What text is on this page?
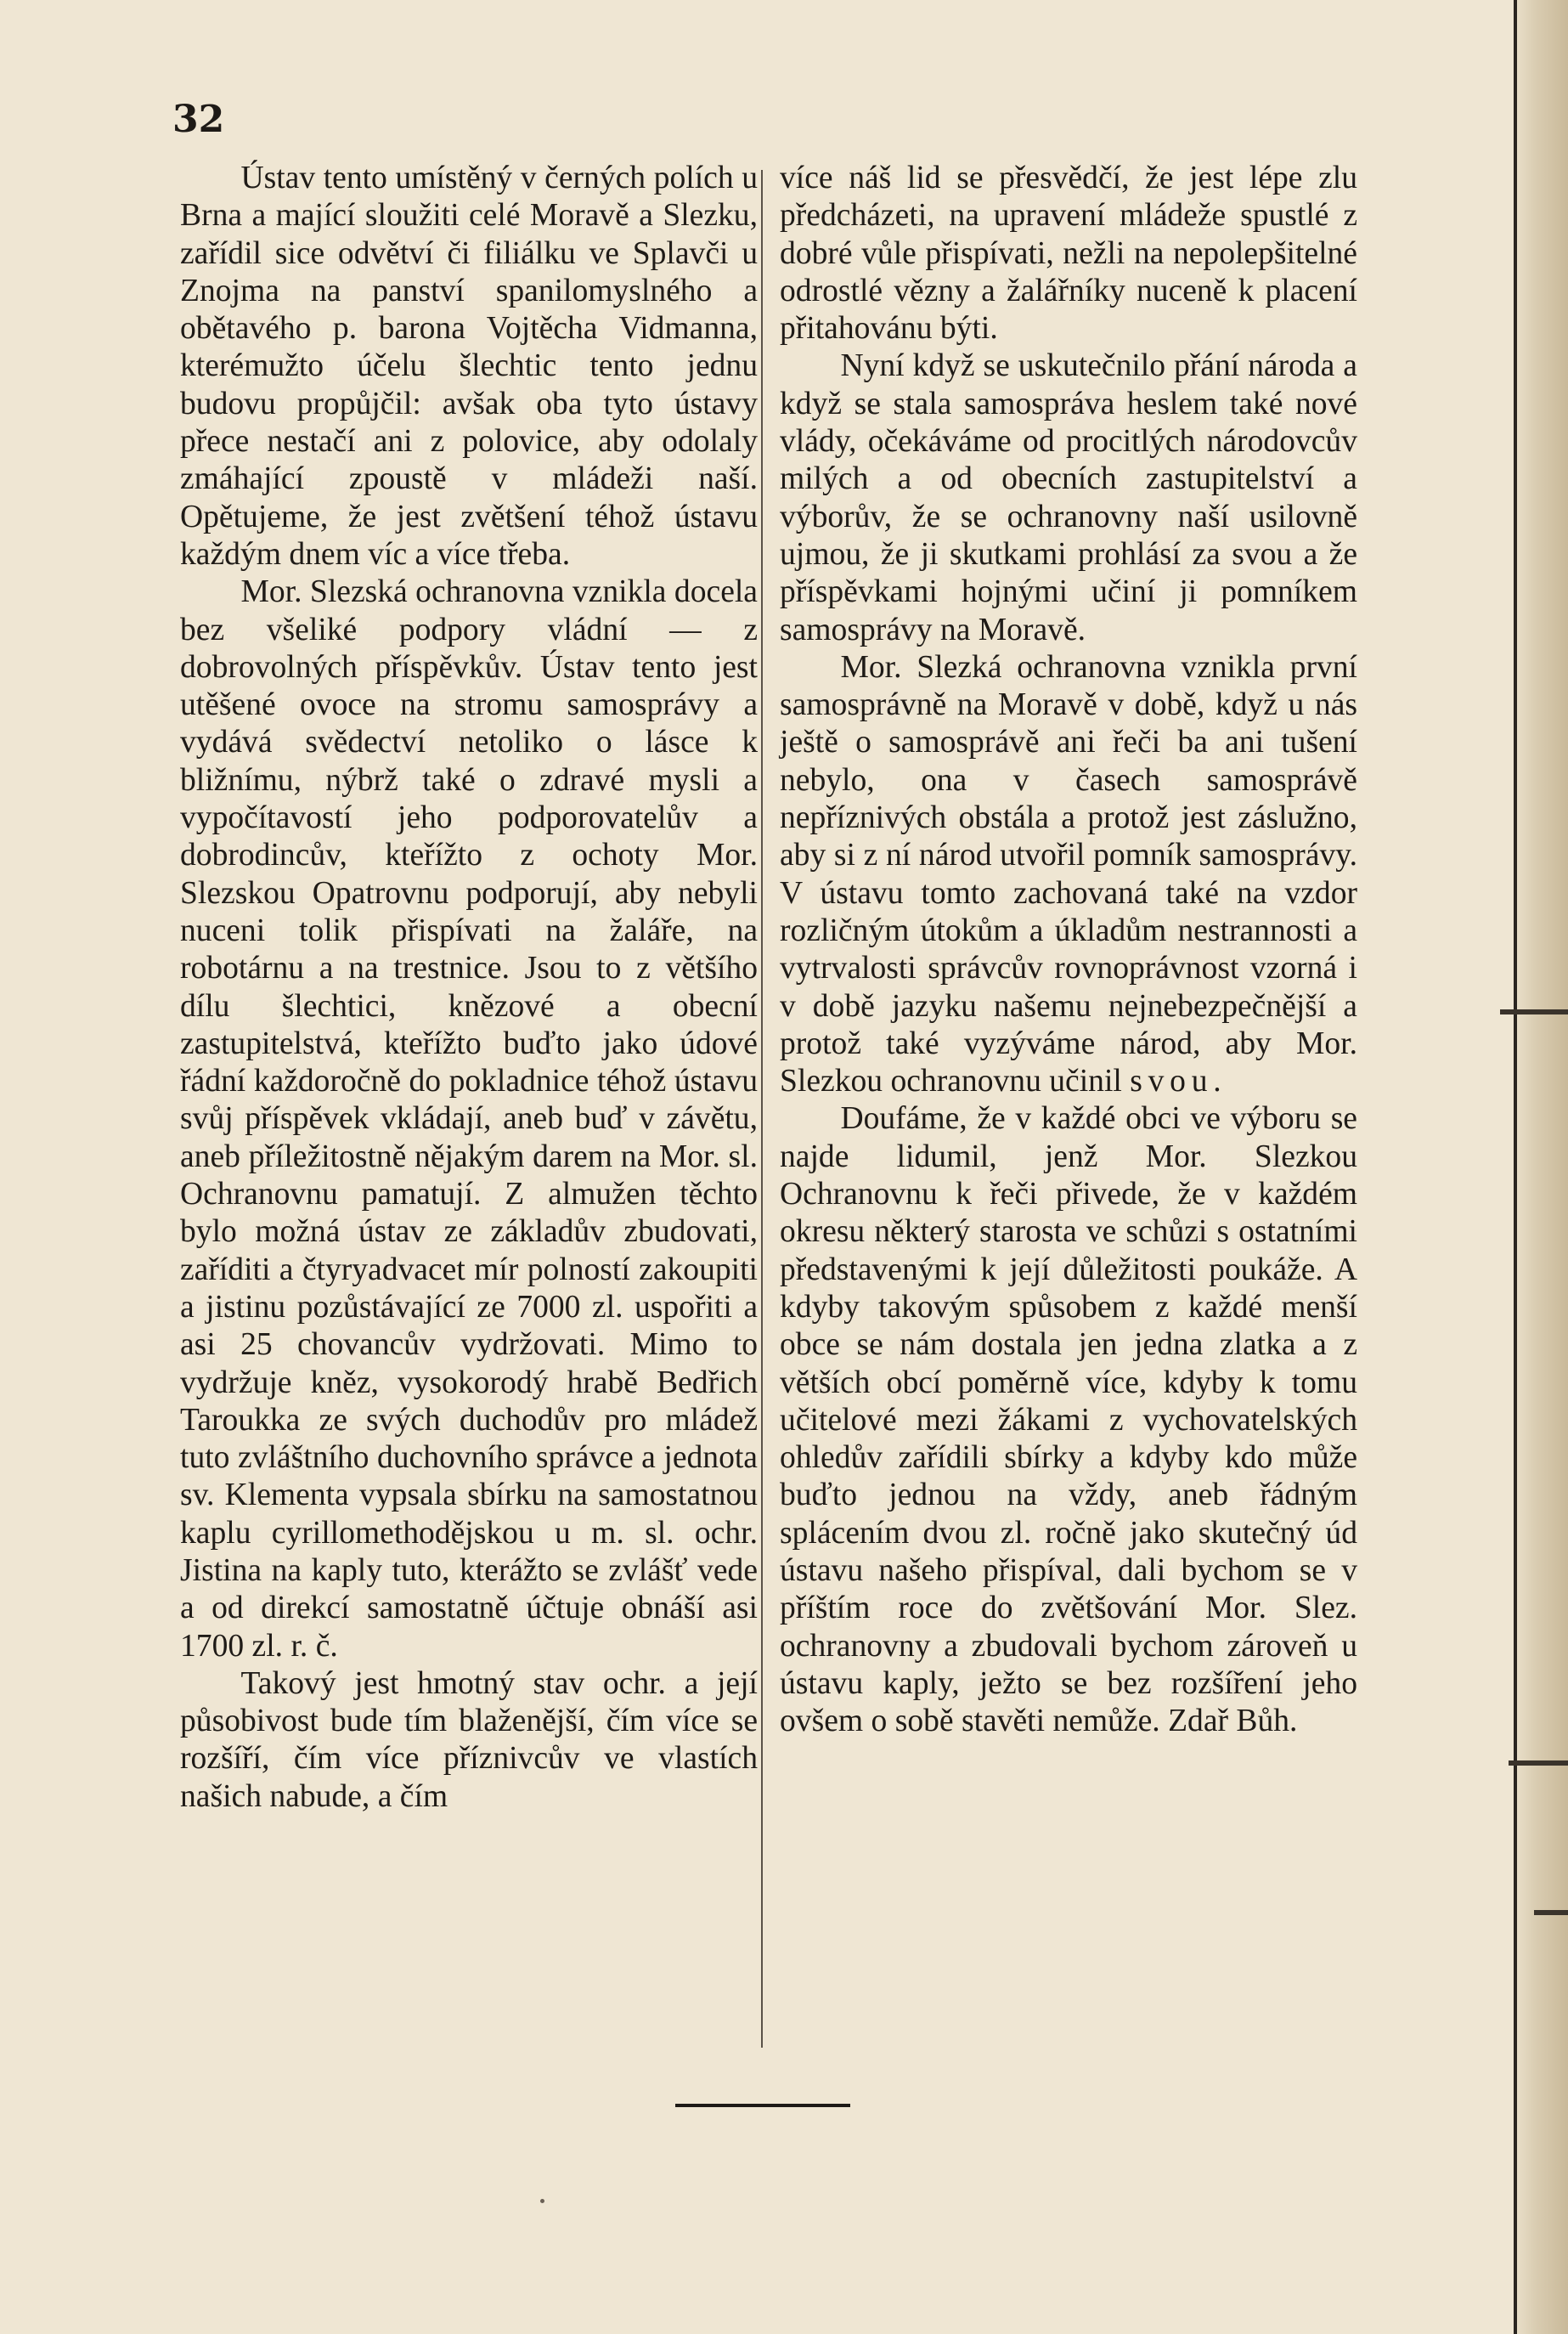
32

Ústav tento umístěný v černých polích u Brna a mající sloužiti celé Moravě a Slezku, zařídil sice odvětví či filiálku ve Splavči u Znojma na panství spanilomyslného a obětavého p. barona Vojtěcha Vidmanna, kterémužto účelu šlechtic tento jednu budovu propůjčil: avšak oba tyto ústavy přece nestačí ani z polovice, aby odolaly zmáhající zpoustě v mládeži naší. Opětujeme, že jest zvětšení téhož ústavu každým dnem víc a více třeba.

Mor. Slezská ochranovna vznikla docela bez všeliké podpory vládní — z dobrovolných příspěvkův. Ústav tento jest utěšené ovoce na stromu samosprávy a vydává svědectví netoliko o lásce k bližnímu, nýbrž také o zdravé mysli a vypočítavostí jeho podporovatelův a dobrodincův, kteřížto z ochoty Mor. Slezskou Opatrovnu podporují, aby nebyli nuceni tolik přispívati na žaláře, na robotárnu a na trestnice. Jsou to z většího dílu šlechtici, knězové a obecní zastupitelstvá, kteřížto buďto jako údové řádní každoročně do pokladnice téhož ústavu svůj příspěvek vkládají, aneb buď v závětu, aneb příležitostně nějakým darem na Mor. sl. Ochranovnu pamatují. Z almužen těchto bylo možná ústav ze základův zbudovati, zaříditi a čtyryadvacet mír polností zakoupiti a jistinu pozůstávající ze 7000 zl. uspořiti a asi 25 chovancův vydržovati. Mimo to vydržuje kněz, vysokorodý hrabě Bedřich Taroukka ze svých duchodův pro mládež tuto zvláštního duchovního správce a jednota sv. Klementa vypsala sbírku na samostatnou kaplu cyrillomethodějskou u m. sl. ochr. Jistina na kaply tuto, kterážto se zvlášť vede a od direkcí samostatně účtuje obnáší asi 1700 zl. r. č.

Takový jest hmotný stav ochr. a její působivost bude tím blaženější, čím více se rozšíří, čím více příznivcův ve vlastích našich nabude, a čím

více náš lid se přesvědčí, že jest lépe zlu předcházeti, na upravení mládeže spustlé z dobré vůle přispívati, nežli na nepolepšitelné odrostlé vězny a žalářníky nuceně k placení přitahovánu býti.

Nyní když se uskutečnilo přání národa a když se stala samospráva heslem také nové vlády, očekáváme od procitlých národovcův milých a od obecních zastupitelství a výborův, že se ochranovny naší usilovně ujmou, že ji skutkami prohlásí za svou a že příspěvkami hojnými učiní ji pomníkem samosprávy na Moravě.

Mor. Slezká ochranovna vznikla první samosprávně na Moravě v době, když u nás ještě o samosprávě ani řeči ba ani tušení nebylo, ona v časech samosprávě nepříznivých obstála a protož jest záslužno, aby si z ní národ utvořil pomník samosprávy. V ústavu tomto zachovaná také na vzdor rozličným útokům a úkladům nestrannosti a vytrvalosti správcův rovnoprávnost vzorná i v době jazyku našemu nejnebezpečnější a protož také vyzýváme národ, aby Mor. Slezkou ochranovnu učinil svou.

Doufáme, že v každé obci ve výboru se najde lidumil, jenž Mor. Slezkou Ochranovnu k řeči přivede, že v každém okresu některý starosta ve schůzi s ostatními představenými k její důležitosti poukáže. A kdyby takovým spůsobem z každé menší obce se nám dostala jen jedna zlatka a z větších obcí poměrně více, kdyby k tomu učitelové mezi žákami z vychovatelských ohledův zařídili sbírky a kdyby kdo může buďto jednou na vždy, aneb řádným splácením dvou zl. ročně jako skutečný úd ústavu našeho přispíval, dali bychom se v příštím roce do zvětšování Mor. Slez. ochranovny a zbudovali bychom zároveň u ústavu kaply, ježto se bez rozšíření jeho ovšem o sobě stavěti nemůže. Zdař Bůh.
